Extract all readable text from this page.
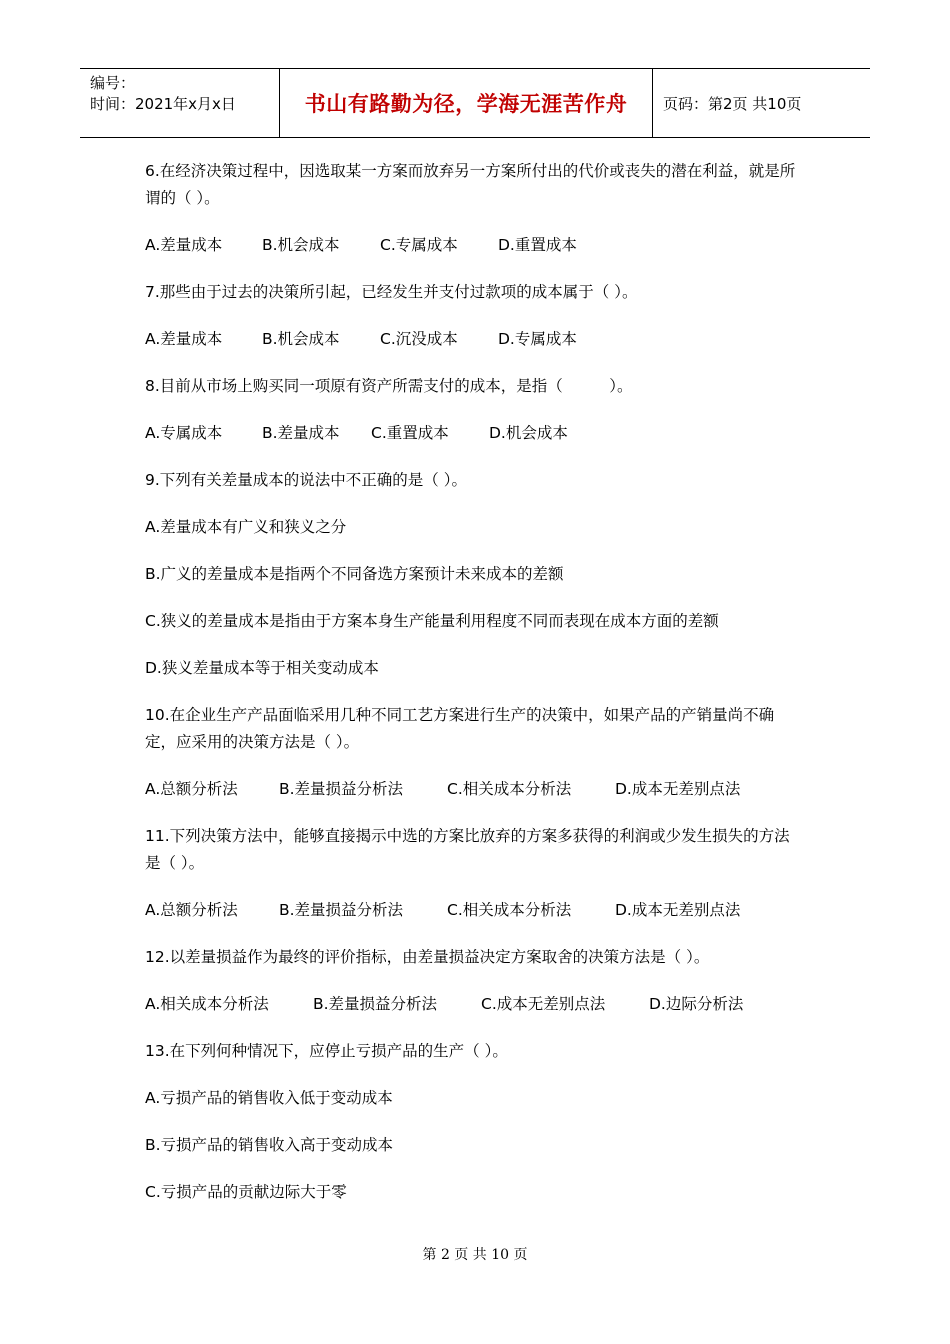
编号：
时间：2021年x月x日	书山有路勤为径，学海无涯苦作舟	页码：第2页 共10页
6.在经济决策过程中，因选取某一方案而放弃另一方案所付出的代价或丧失的潜在利益，就是所谓的（ ）。
A.差量成本	B.机会成本	C.专属成本	D.重置成本
7.那些由于过去的决策所引起，已经发生并支付过款项的成本属于（ ）。
A.差量成本	B.机会成本	C.沉没成本	D.专属成本
8.目前从市场上购买同一项原有资产所需支付的成本，是指（　　　）。
A.专属成本	B.差量成本 C.重置成本	D.机会成本
9.下列有关差量成本的说法中不正确的是（ ）。
A.差量成本有广义和狭义之分
B.广义的差量成本是指两个不同备选方案预计未来成本的差额
C.狭义的差量成本是指由于方案本身生产能量利用程度不同而表现在成本方面的差额
D.狭义差量成本等于相关变动成本
10.在企业生产产品面临采用几种不同工艺方案进行生产的决策中，如果产品的产销量尚不确定，应采用的决策方法是（ ）。
A.总额分析法	B.差量损益分析法	C.相关成本分析法	D.成本无差别点法
11.下列决策方法中，能够直接揭示中选的方案比放弃的方案多获得的利润或少发生损失的方法是（ ）。
A.总额分析法	B.差量损益分析法	C.相关成本分析法	D.成本无差别点法
12.以差量损益作为最终的评价指标，由差量损益决定方案取舍的决策方法是（ ）。
A.相关成本分析法	B.差量损益分析法	C.成本无差别点法	D.边际分析法
13.在下列何种情况下，应停止亏损产品的生产（ ）。
A.亏损产品的销售收入低于变动成本
B.亏损产品的销售收入高于变动成本
C.亏损产品的贡献边际大于零
第 2 页 共 10 页
